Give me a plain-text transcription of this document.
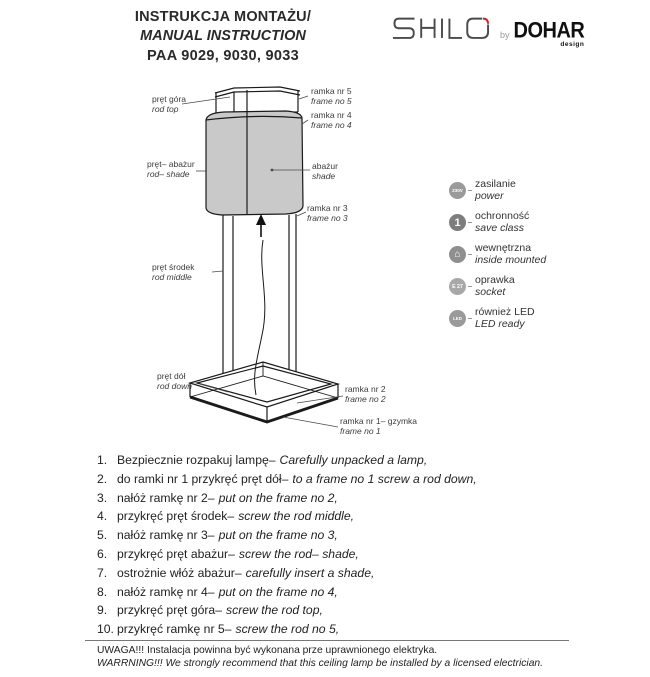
INSTRUKCJA MONTAŻU/
MANUAL INSTRUCTION
PAA 9029, 9030, 9033
by DOHAR
design
pręt góra
rod top
pręt– abażur
rod– shade
pręt środek
rod middle
pręt dół
rod down
ramka nr 5
frame no 5
ramka nr 4
frame no 4
abażur
shade
ramka nr 3
frame no 3
ramka nr 2
frame no 2
ramka nr 1– gzymka
frame no 1
230V
zasilanie
power
1
ochronność
save class
⌂
wewnętrzna
inside mounted
E 27
oprawka
socket
LED
również LED
LED ready
1. Bezpiecznie rozpakuj lampę– Carefully unpacked a lamp,
2. do ramki nr 1 przykręć pręt dół– to a frame no 1 screw a rod down,
3. nałóż ramkę nr 2– put on the frame no 2,
4. przykręć pręt środek– screw the rod middle,
5. nałóż ramkę nr 3– put on the frame no 3,
6. przykręć pręt abażur– screw the rod– shade,
7. ostrożnie włóż abażur– carefully insert a shade,
8. nałóż ramkę nr 4– put on the frame no 4,
9. przykręć pręt góra– screw the rod top,
10. przykręć ramkę nr 5– screw the rod no 5,
UWAGA!!! Instalacja powinna być wykonana prze uprawnionego elektryka.
WARRNING!!! We strongly recommend that this ceiling lamp be installed by a licensed electrician.
